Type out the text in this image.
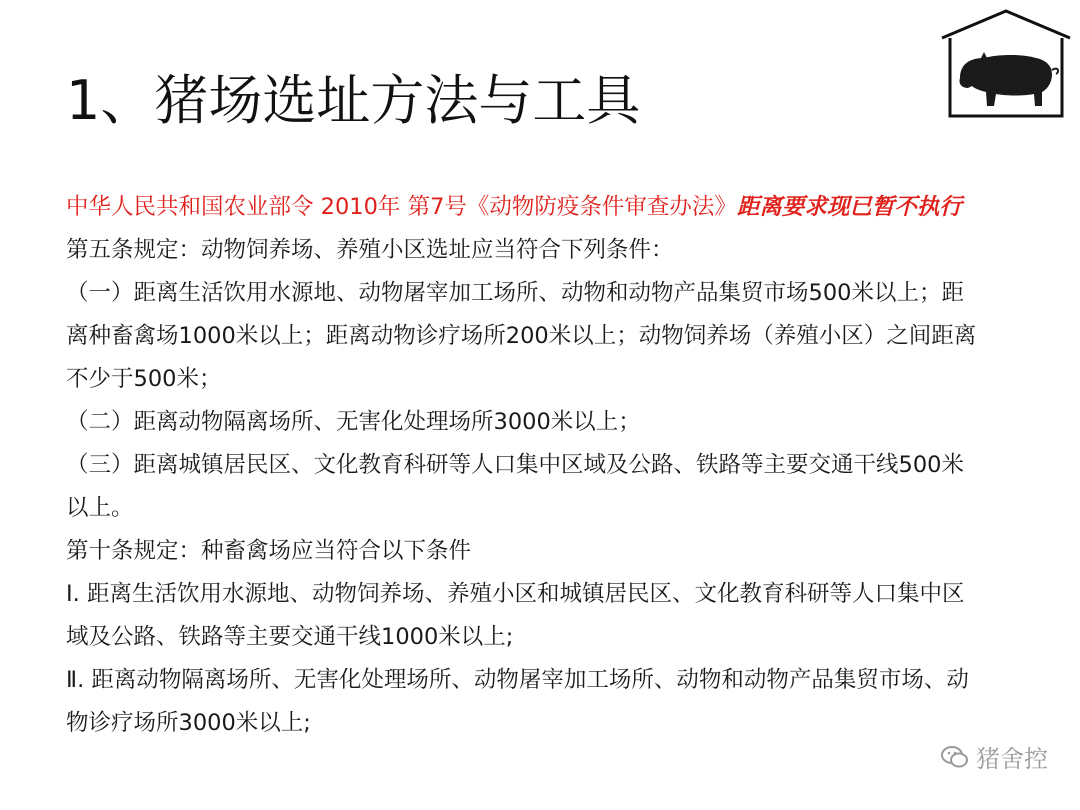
1、猪场选址方法与工具

中华人民共和国农业部令 2010年 第7号《动物防疫条件审查办法》距离要求现已暂不执行

第五条规定：动物饲养场、养殖小区选址应当符合下列条件：

（一）距离生活饮用水源地、动物屠宰加工场所、动物和动物产品集贸市场500米以上；距离种畜禽场1000米以上；距离动物诊疗场所200米以上；动物饲养场（养殖小区）之间距离不少于500米；

（二）距离动物隔离场所、无害化处理场所3000米以上；

（三）距离城镇居民区、文化教育科研等人口集中区域及公路、铁路等主要交通干线500米以上。

第十条规定：种畜禽场应当符合以下条件

Ⅰ. 距离生活饮用水源地、动物饲养场、养殖小区和城镇居民区、文化教育科研等人口集中区域及公路、铁路等主要交通干线1000米以上;

Ⅱ. 距离动物隔离场所、无害化处理场所、动物屠宰加工场所、动物和动物产品集贸市场、动物诊疗场所3000米以上;

猪舍控
